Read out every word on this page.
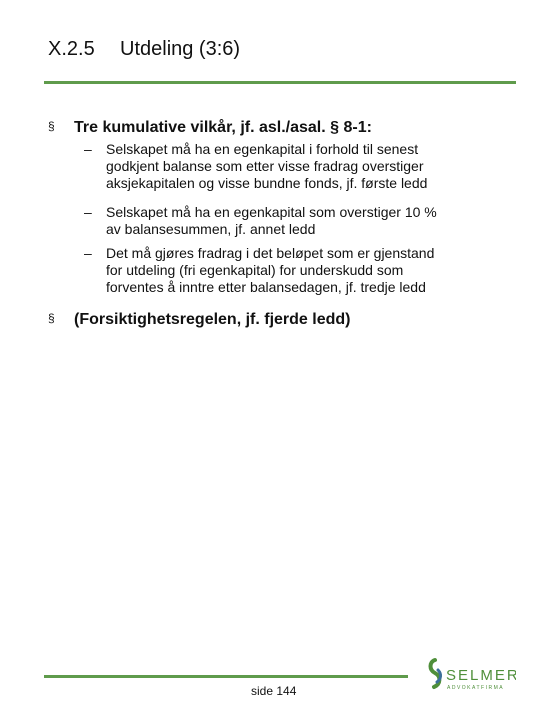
X.2.5 Utdeling (3:6)
§ Tre kumulative vilkår, jf. asl./asal. § 8-1:
– Selskapet må ha en egenkapital i forhold til senest
godkjent balanse som etter visse fradrag overstiger
aksjekapitalen og visse bundne fonds, jf. første ledd
– Selskapet må ha en egenkapital som overstiger 10 %
av balansesummen, jf. annet ledd
– Det må gjøres fradrag i det beløpet som er gjenstand
for utdeling (fri egenkapital) for underskudd som
forventes å inntre etter balansedagen, jf. tredje ledd
§ (Forsiktighetsregelen, jf. fjerde ledd)
side 144
SELMER
ADVOKATFIRMA
